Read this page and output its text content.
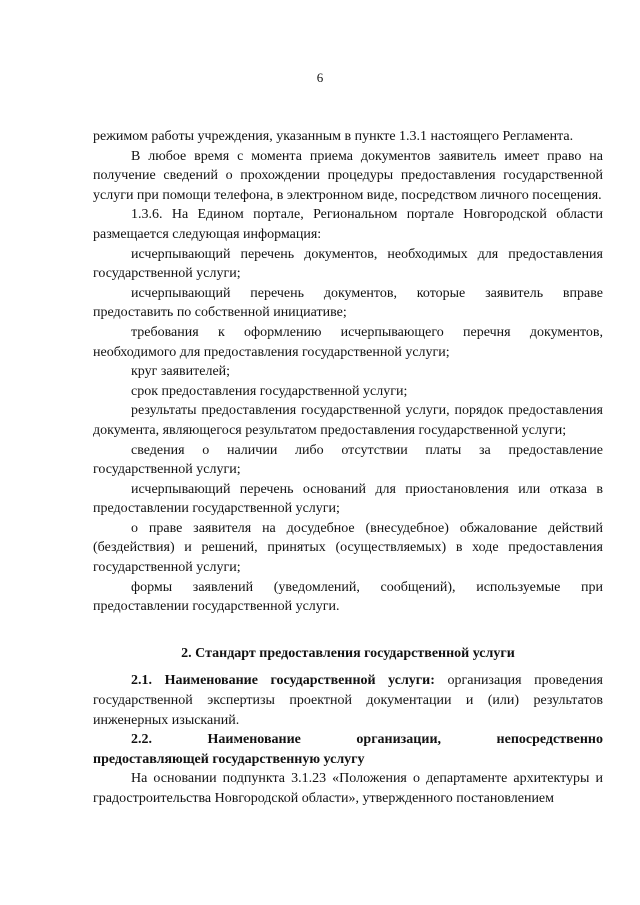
6

режимом работы учреждения, указанным в пункте 1.3.1 настоящего Регламента.

В любое время с момента приема документов заявитель имеет право на получение сведений о прохождении процедуры предоставления государственной услуги при помощи телефона, в электронном виде, посредством личного посещения.

1.3.6. На Едином портале, Региональном портале Новгородской области размещается следующая информация:

исчерпывающий перечень документов, необходимых для предоставления государственной услуги;

исчерпывающий перечень документов, которые заявитель вправе предоставить по собственной инициативе;

требования к оформлению исчерпывающего перечня документов, необходимого для предоставления государственной услуги;

круг заявителей;

срок предоставления государственной услуги;

результаты предоставления государственной услуги, порядок предоставления документа, являющегося результатом предоставления государственной услуги;

сведения о наличии либо отсутствии платы за предоставление государственной услуги;

исчерпывающий перечень оснований для приостановления или отказа в предоставлении государственной услуги;

о праве заявителя на досудебное (внесудебное) обжалование действий (бездействия) и решений, принятых (осуществляемых) в ходе предоставления государственной услуги;

формы заявлений (уведомлений, сообщений), используемые при предоставлении государственной услуги.

2. Стандарт предоставления государственной услуги

2.1. Наименование государственной услуги: организация проведения государственной экспертизы проектной документации и (или) результатов инженерных изысканий.

2.2. Наименование организации, непосредственно

предоставляющей государственную услугу

На основании подпункта 3.1.23 «Положения о департаменте архитектуры и градостроительства Новгородской области», утвержденного постановлением
